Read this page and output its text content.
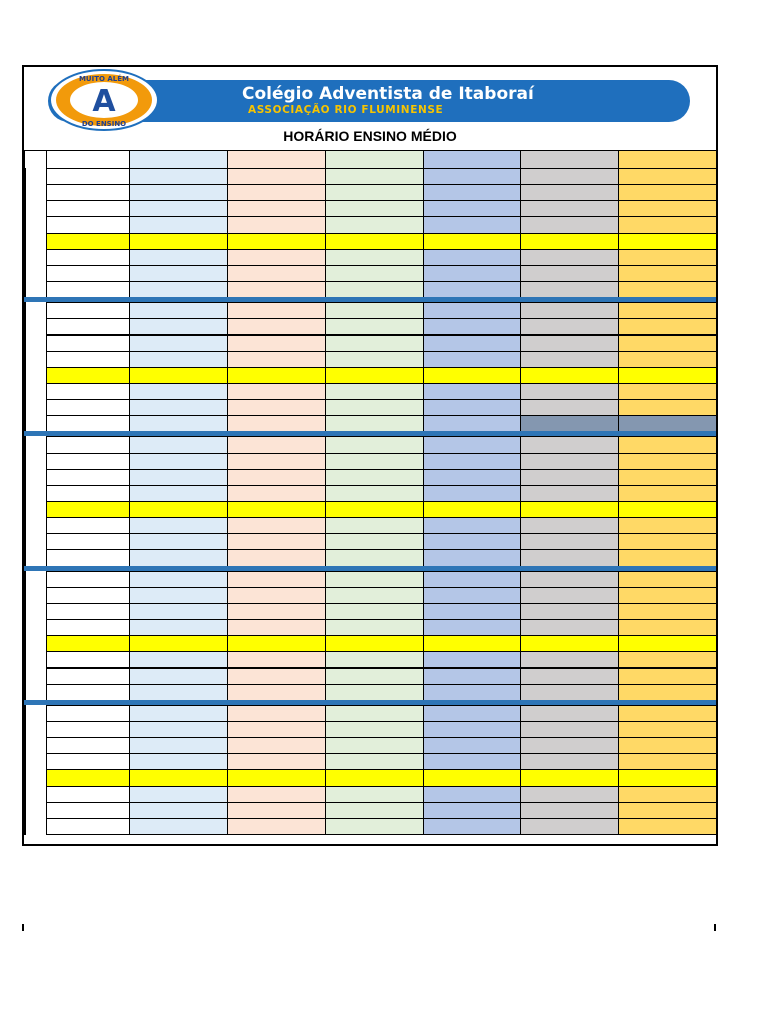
MUITO ALÉM
DO ENSINO
A	Colégio Adventista de Itaboraí
ASSOCIAÇÃO RIO FLUMINENSE
HORÁRIO ENSINO MÉDIO
